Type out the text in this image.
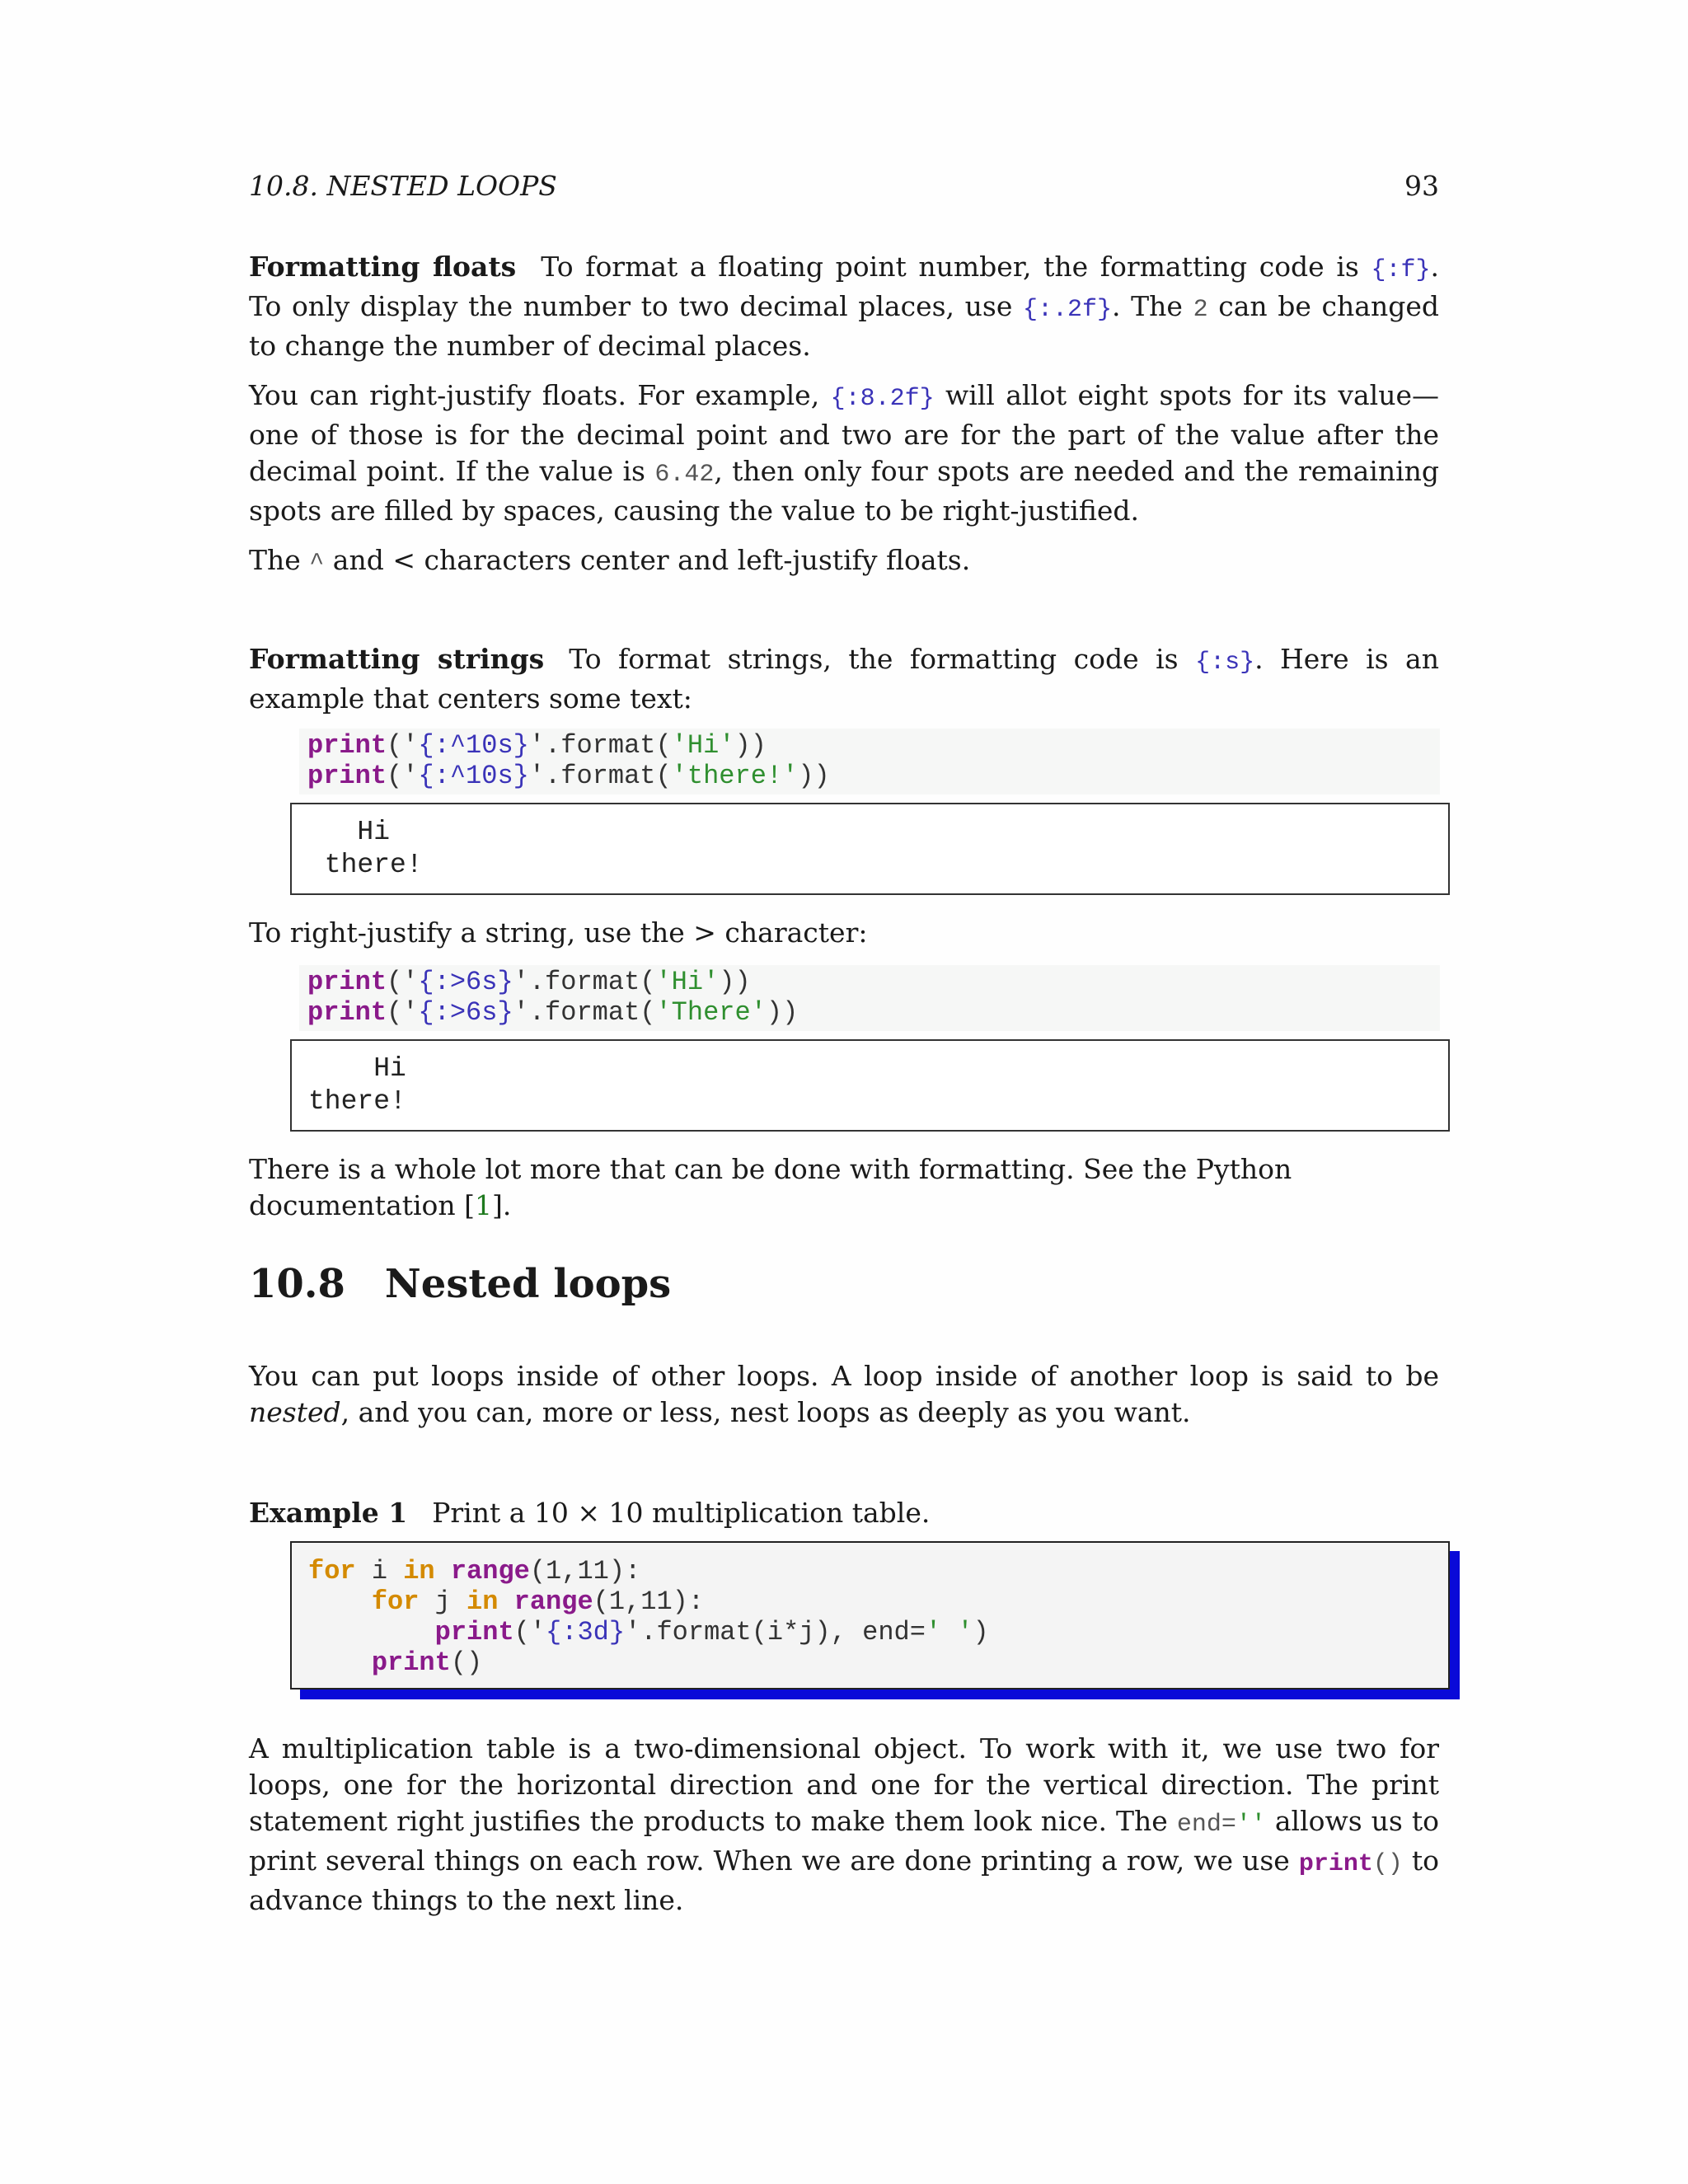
10.8. NESTED LOOPS	93
Formatting floats To format a floating point number, the formatting code is {:f}. To only display the number to two decimal places, use {:.2f}. The 2 can be changed to change the number of decimal places.
You can right-justify floats. For example, {:8.2f} will allot eight spots for its value—one of those is for the decimal point and two are for the part of the value after the decimal point. If the value is 6.42, then only four spots are needed and the remaining spots are filled by spaces, causing the value to be right-justified.
The ^ and < characters center and left-justify floats.
Formatting strings To format strings, the formatting code is {:s}. Here is an example that centers some text:
print('{:^10s}'.format('Hi'))
print('{:^10s}'.format('there!'))
Hi
there!
To right-justify a string, use the > character:
print('{:>6s}'.format('Hi'))
print('{:>6s}'.format('There'))
Hi
there!
There is a whole lot more that can be done with formatting. See the Python documentation [1].
10.8 Nested loops
You can put loops inside of other loops. A loop inside of another loop is said to be nested, and you can, more or less, nest loops as deeply as you want.
Example 1 Print a 10 × 10 multiplication table.
for i in range(1,11):
for j in range(1,11):
print('{:3d}'.format(i*j), end=' ')
print()
A multiplication table is a two-dimensional object. To work with it, we use two for loops, one for the horizontal direction and one for the vertical direction. The print statement right justifies the products to make them look nice. The end='' allows us to print several things on each row. When we are done printing a row, we use print() to advance things to the next line.
